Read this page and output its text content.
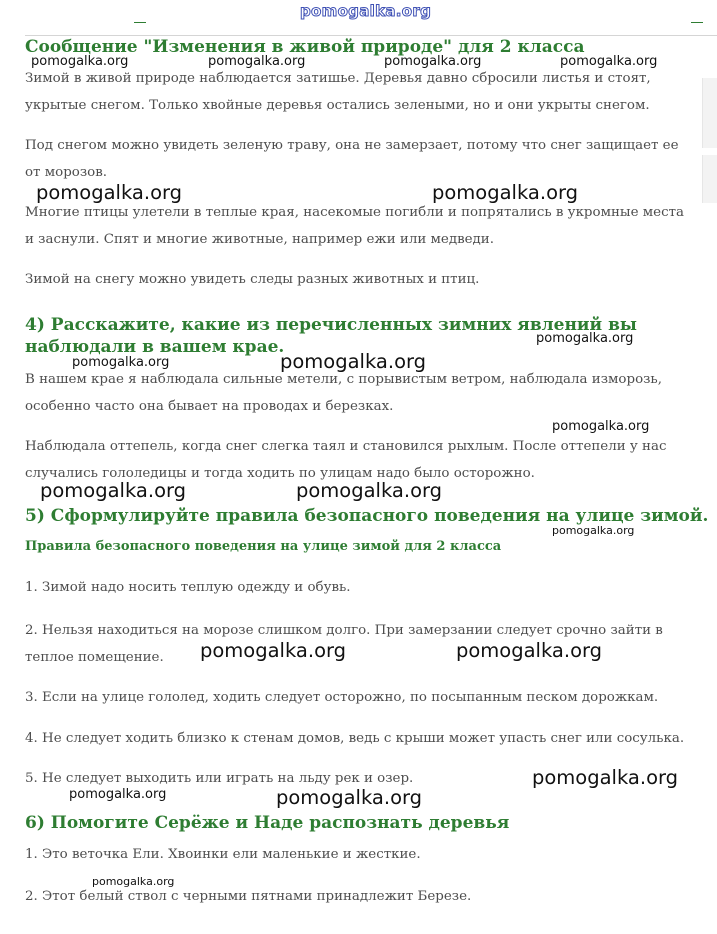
pomogalka.org
Сообщение "Изменения в живой природе" для 2 класса
Зимой в живой природе наблюдается затишье. Деревья давно сбросили листья и стоят, укрытые снегом. Только хвойные деревья остались зелеными, но и они укрыты снегом.
Под снегом можно увидеть зеленую траву, она не замерзает, потому что снег защищает ее от морозов.
Многие птицы улетели в теплые края, насекомые погибли и попрятались в укромные места и заснули. Спят и многие животные, например ежи или медведи.
Зимой на снегу можно увидеть следы разных животных и птиц.
4) Расскажите, какие из перечисленных зимних явлений вы наблюдали в вашем крае.
В нашем крае я наблюдала сильные метели, с порывистым ветром, наблюдала изморозь, особенно часто она бывает на проводах и березках.
Наблюдала оттепель, когда снег слегка таял и становился рыхлым. После оттепели у нас случались гололедицы и тогда ходить по улицам надо было осторожно.
5) Сформулируйте правила безопасного поведения на улице зимой.
Правила безопасного поведения на улице зимой для 2 класса
1. Зимой надо носить теплую одежду и обувь.
2. Нельзя находиться на морозе слишком долго. При замерзании следует срочно зайти в теплое помещение.
3. Если на улице гололед, ходить следует осторожно, по посыпанным песком дорожкам.
4. Не следует ходить близко к стенам домов, ведь с крыши может упасть снег или сосулька.
5. Не следует выходить или играть на льду рек и озер.
6) Помогите Серёже и Наде распознать деревья
1. Это веточка Ели. Хвоинки ели маленькие и жесткие.
2. Этот белый ствол с черными пятнами принадлежит Березе.
pomogalka.org	pomogalka.org	pomogalka.org	pomogalka.org
pomogalka.org	pomogalka.org
pomogalka.org
pomogalka.org	pomogalka.org
pomogalka.org
pomogalka.org	pomogalka.org
pomogalka.org
pomogalka.org	pomogalka.org
pomogalka.org
pomogalka.org	pomogalka.org
pomogalka.org
